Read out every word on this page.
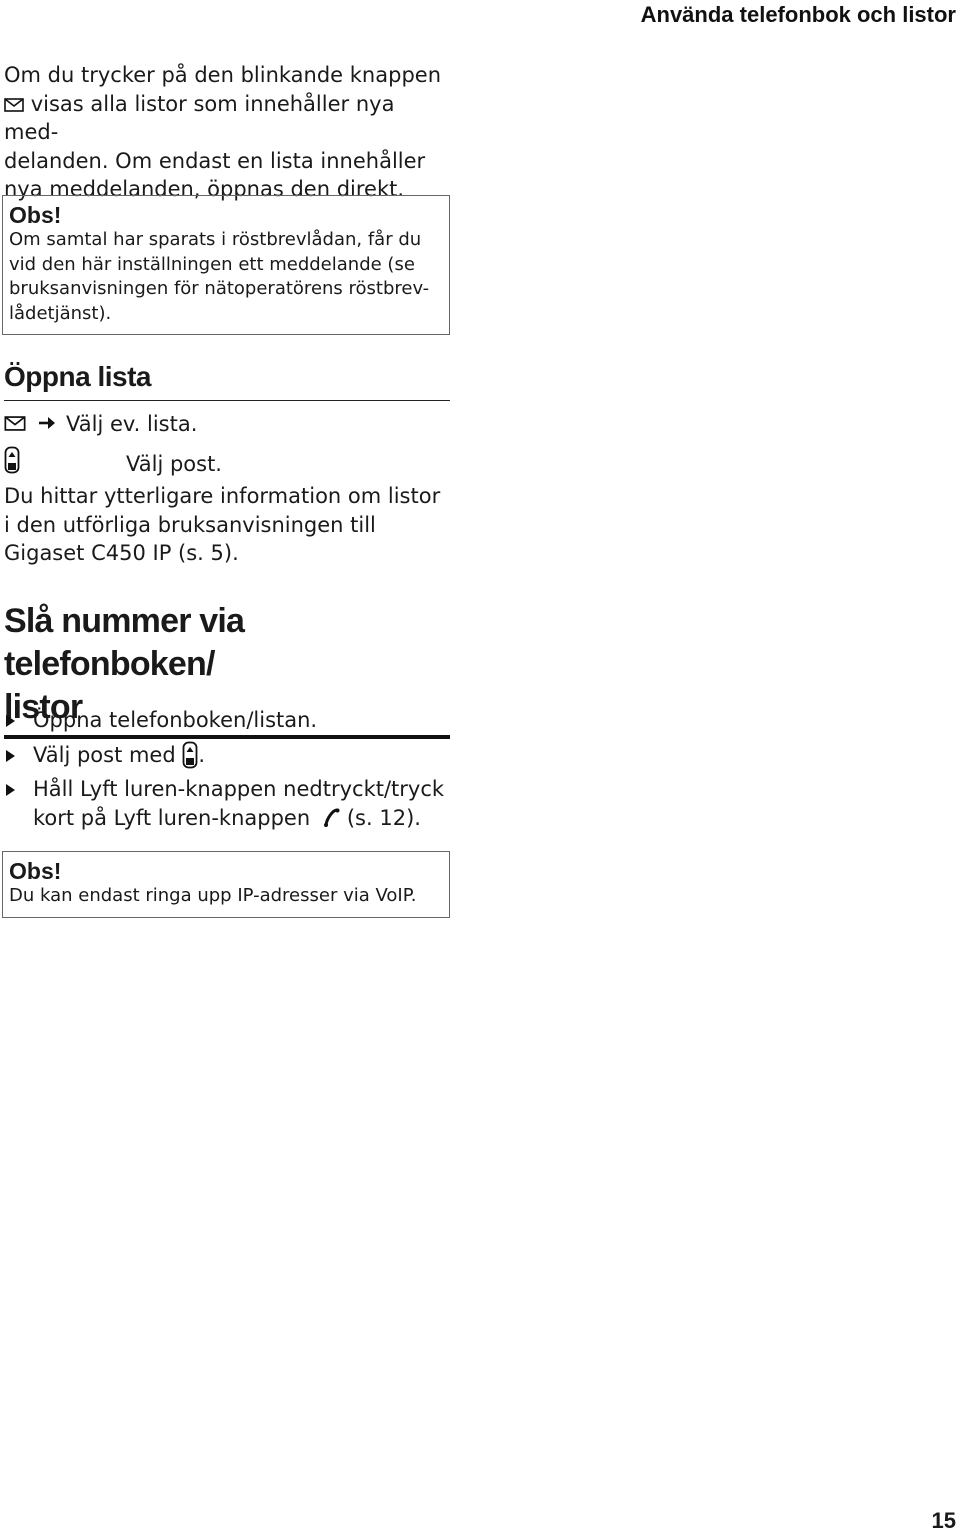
Använda telefonbok och listor

Om du trycker på den blinkande knappen

visas alla listor som innehåller nya med-

delanden. Om endast en lista innehåller

nya meddelanden, öppnas den direkt.

Obs!
Om samtal har sparats i röstbrevlådan, får du
vid den här inställningen ett meddelande (se
bruksanvisningen för nätoperatörens röstbrev-
lådetjänst).
Öppna lista
Välj ev. lista.
Välj post.

Du hittar ytterligare information om listor

i den utförliga bruksanvisningen till

Gigaset C450 IP (s. 5).

Slå nummer via telefonboken/
listor
Öppna telefonboken/listan.
Välj post med .
Håll Lyft luren-knappen nedtryckt/tryck
kort på Lyft luren-knappen (s. 12).
Obs!
Du kan endast ringa upp IP-adresser via VoIP.
15
